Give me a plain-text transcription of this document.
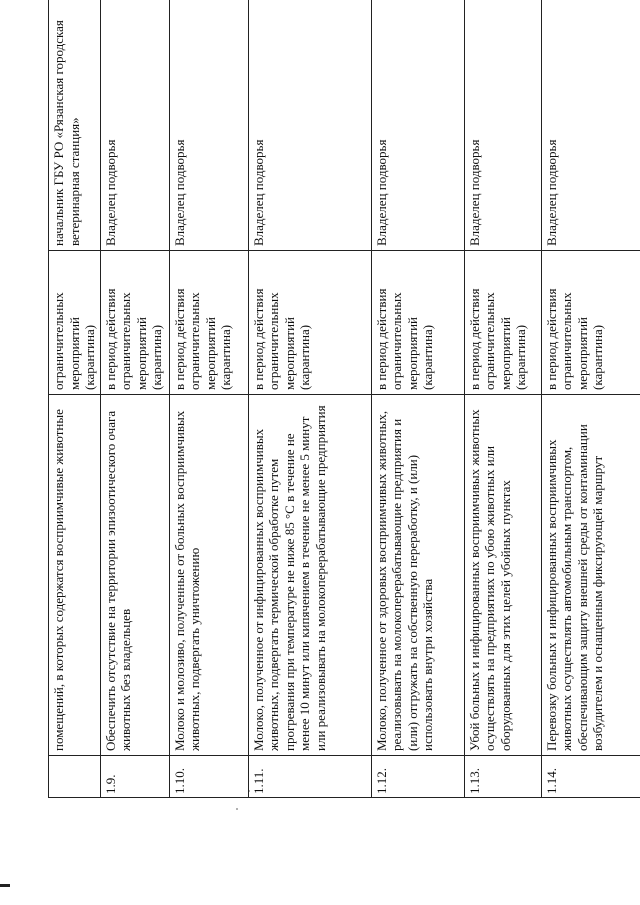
	помещений, в которых содержатся восприимчивые животные	ограничительных мероприятий (карантина)	начальник ГБУ РО «Рязанская городская ветеринарная станция»	
1.9.	Обеспечить отсутствие на территории эпизоотического очага животных без владельцев	в период действия ограничительных мероприятий (карантина)	Владелец подворья	
1.10.	Молоко и молозиво, полученные от больных восприимчивых животных, подвергать уничтожению	в период действия ограничительных мероприятий (карантина)	Владелец подворья	
1.11.	Молоко, полученное от инфицированных восприимчивых животных, подвергать термической обработке путем прогревания при температуре не ниже 85 °С в течение не менее 10 минут или кипячением в течение не менее 5 минут или реализовывать на молокоперерабатывающие предприятия	в период действия ограничительных мероприятий (карантина)	Владелец подворья	
1.12.	Молоко, полученное от здоровых восприимчивых животных, реализовывать на молокоперерабатывающие предприятия и (или) отгружать на собственную переработку, и (или) использовать внутри хозяйства	в период действия ограничительных мероприятий (карантина)	Владелец подворья	
1.13.	Убой больных и инфицированных восприимчивых животных осуществлять на предприятиях по убою животных или оборудованных для этих целей убойных пунктах	в период действия ограничительных мероприятий (карантина)	Владелец подворья	
1.14.	Перевозку больных и инфицированных восприимчивых животных осуществлять автомобильным транспортом, обеспечивающим защиту внешней среды от контаминации возбудителем и оснащенным фиксирующей маршрут	в период действия ограничительных мероприятий (карантина)	Владелец подворья	
